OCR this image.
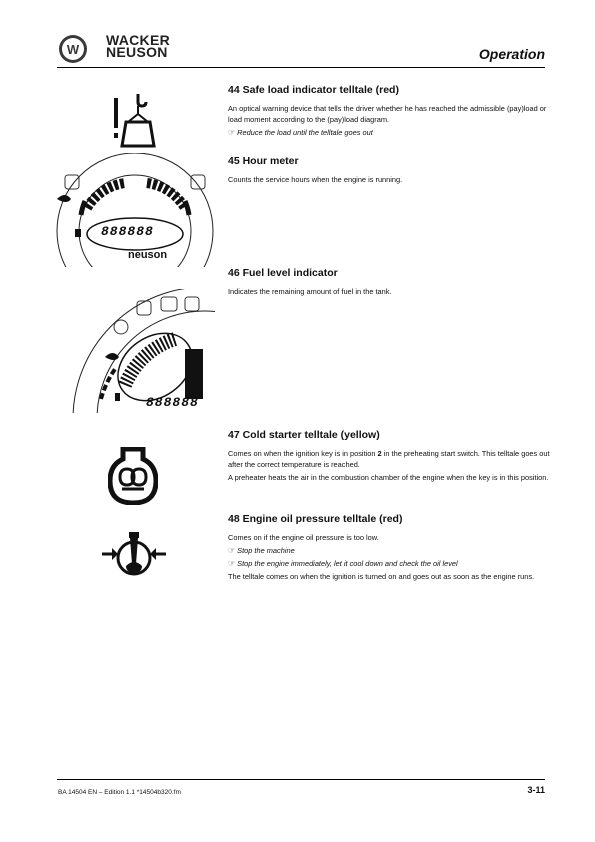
W
WACKER
NEUSON	Operation
888888
neuson
888888
44 Safe load indicator telltale (red)

An optical warning device that tells the driver whether he has reached the admissible (pay)load or load moment according to the (pay)load diagram.

☞ Reduce the load until the telltale goes out

45 Hour meter

Counts the service hours when the engine is running.

46 Fuel level indicator

Indicates the remaining amount of fuel in the tank.

47 Cold starter telltale (yellow)

Comes on when the ignition key is in position 2 in the preheating start switch. This telltale goes out after the correct temperature is reached.

A preheater heats the air in the combustion chamber of the engine when the key is in this position.

48 Engine oil pressure telltale (red)

Comes on if the engine oil pressure is too low.

☞ Stop the machine

☞ Stop the engine immediately, let it cool down and check the oil level

The telltale comes on when the ignition is turned on and goes out as soon as the engine runs.

BA 14504 EN – Edition 1.1 *14504b320.fm	3-11
